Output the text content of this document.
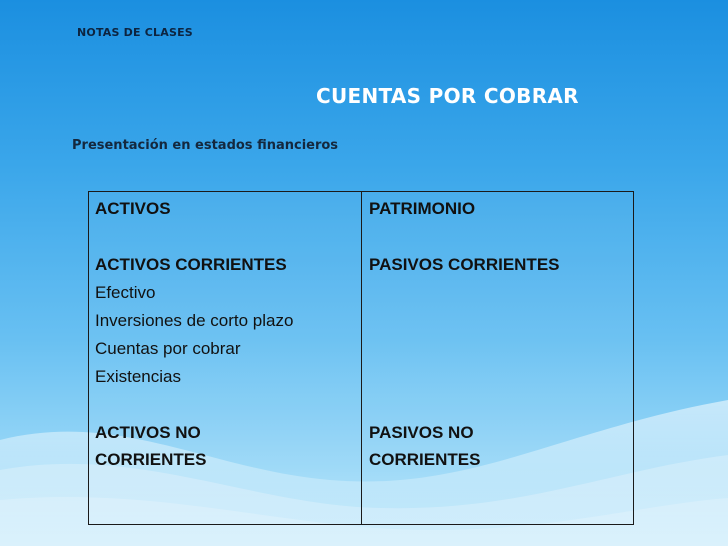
NOTAS DE CLASES
CUENTAS POR COBRAR
Presentación en estados financieros
ACTIVOS
ACTIVOS CORRIENTES
Efectivo
Inversiones de corto plazo
Cuentas por cobrar
Existencias
ACTIVOS NO
CORRIENTES
PATRIMONIO
PASIVOS CORRIENTES
PASIVOS NO
CORRIENTES
